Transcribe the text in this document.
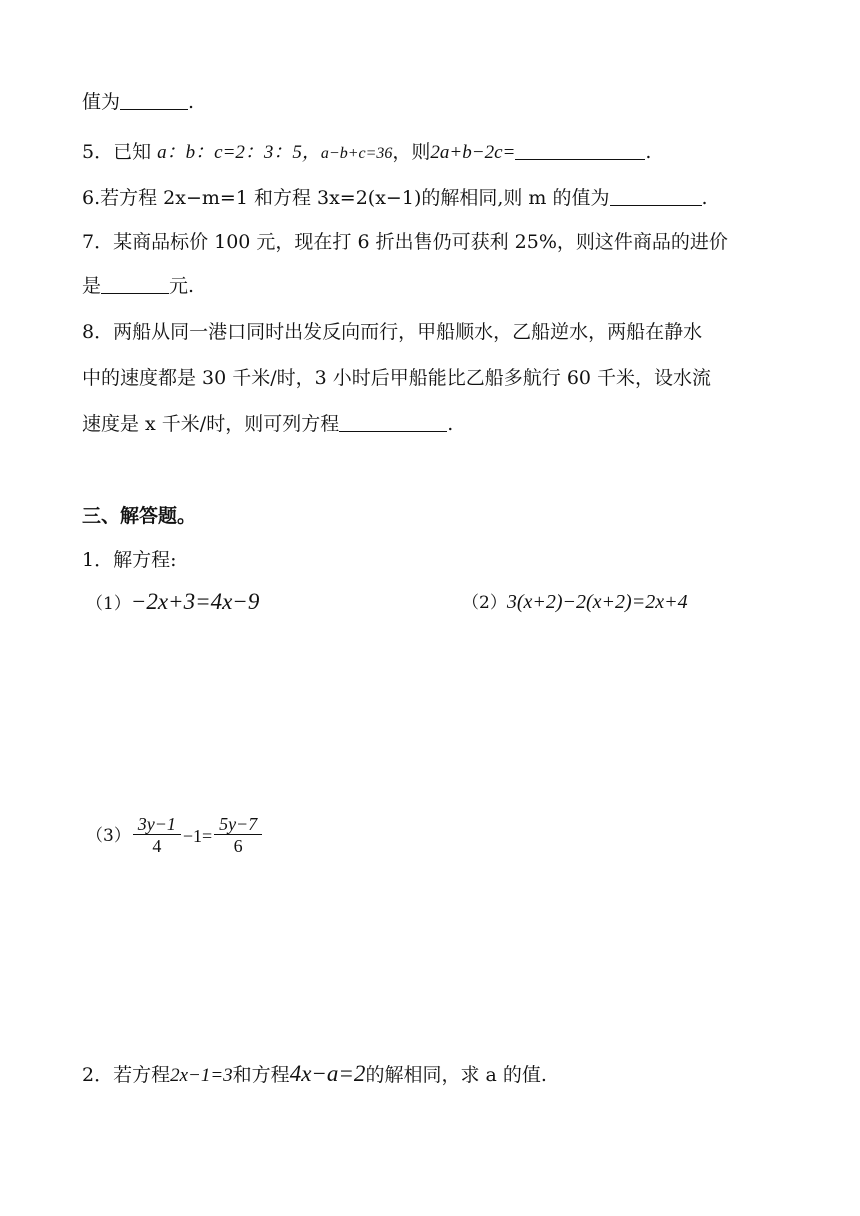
值为	.
5．已知 a：b：c=2：3：5，a−b+c=36，则2a+b−2c=	.
6.若方程 2x−m=1 和方程 3x=2(x−1)的解相同,则 m 的值为	.
7．某商品标价 100 元，现在打 6 折出售仍可获利 25%，则这件商品的进价
是	元.
8．两船从同一港口同时出发反向而行，甲船顺水，乙船逆水，两船在静水
中的速度都是 30 千米/时，3 小时后甲船能比乙船多航行 60 千米，设水流
速度是 x 千米/时，则可列方程	.
三、解答题。
1．解方程:
（1）−2x+3=4x−9	（2）3(x+2)−2(x+2)=2x+4
$(3) \frac{3y-1}{4} -1= \frac{5y-7}{6}$
2．若方程2x−1=3和方程4x−a=2的解相同，求 a 的值.
